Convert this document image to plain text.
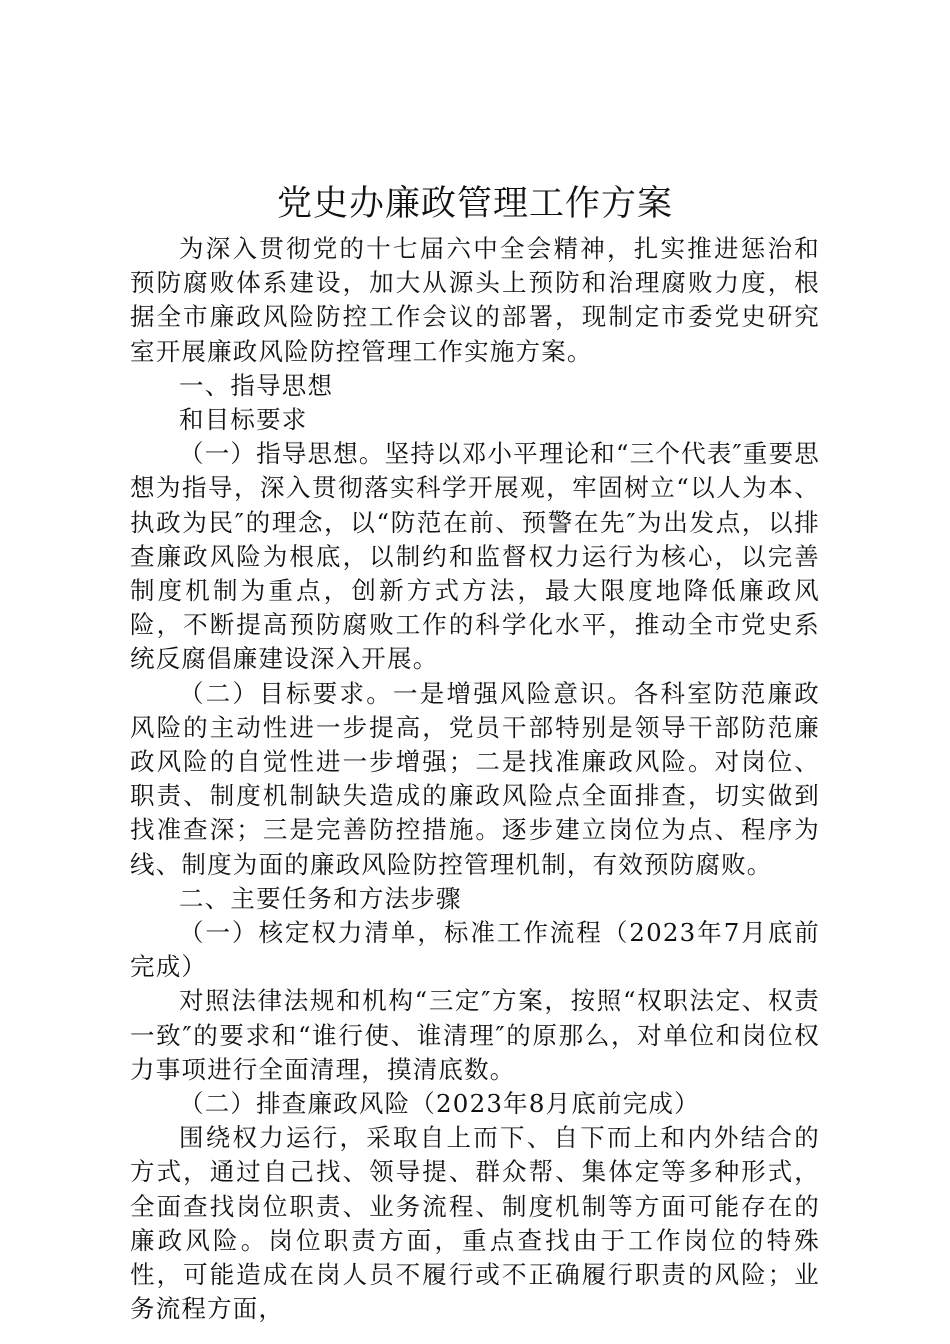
党史办廉政管理工作方案

为深入贯彻党的十七届六中全会精神，扎实推进惩治和预防腐败体系建设，加大从源头上预防和治理腐败力度，根据全市廉政风险防控工作会议的部署，现制定市委党史研究室开展廉政风险防控管理工作实施方案。

一、指导思想

和目标要求

（一）指导思想。坚持以邓小平理论和“三个代表″重要思想为指导，深入贯彻落实科学开展观，牢固树立“以人为本、执政为民″的理念，以“防范在前、预警在先″为出发点，以排查廉政风险为根底，以制约和监督权力运行为核心，以完善制度机制为重点，创新方式方法，最大限度地降低廉政风险，不断提高预防腐败工作的科学化水平，推动全市党史系统反腐倡廉建设深入开展。

（二）目标要求。一是增强风险意识。各科室防范廉政风险的主动性进一步提高，党员干部特别是领导干部防范廉政风险的自觉性进一步增强；二是找准廉政风险。对岗位、职责、制度机制缺失造成的廉政风险点全面排查，切实做到找准查深；三是完善防控措施。逐步建立岗位为点、程序为线、制度为面的廉政风险防控管理机制，有效预防腐败。

二、主要任务和方法步骤

（一）核定权力清单，标准工作流程（2023年7月底前完成）

对照法律法规和机构“三定″方案，按照“权职法定、权责一致″的要求和“谁行使、谁清理″的原那么，对单位和岗位权力事项进行全面清理，摸清底数。

（二）排查廉政风险（2023年8月底前完成）

围绕权力运行，采取自上而下、自下而上和内外结合的方式，通过自己找、领导提、群众帮、集体定等多种形式，全面查找岗位职责、业务流程、制度机制等方面可能存在的廉政风险。岗位职责方面，重点查找由于工作岗位的特殊性，可能造成在岗人员不履行或不正确履行职责的风险；业务流程方面，
